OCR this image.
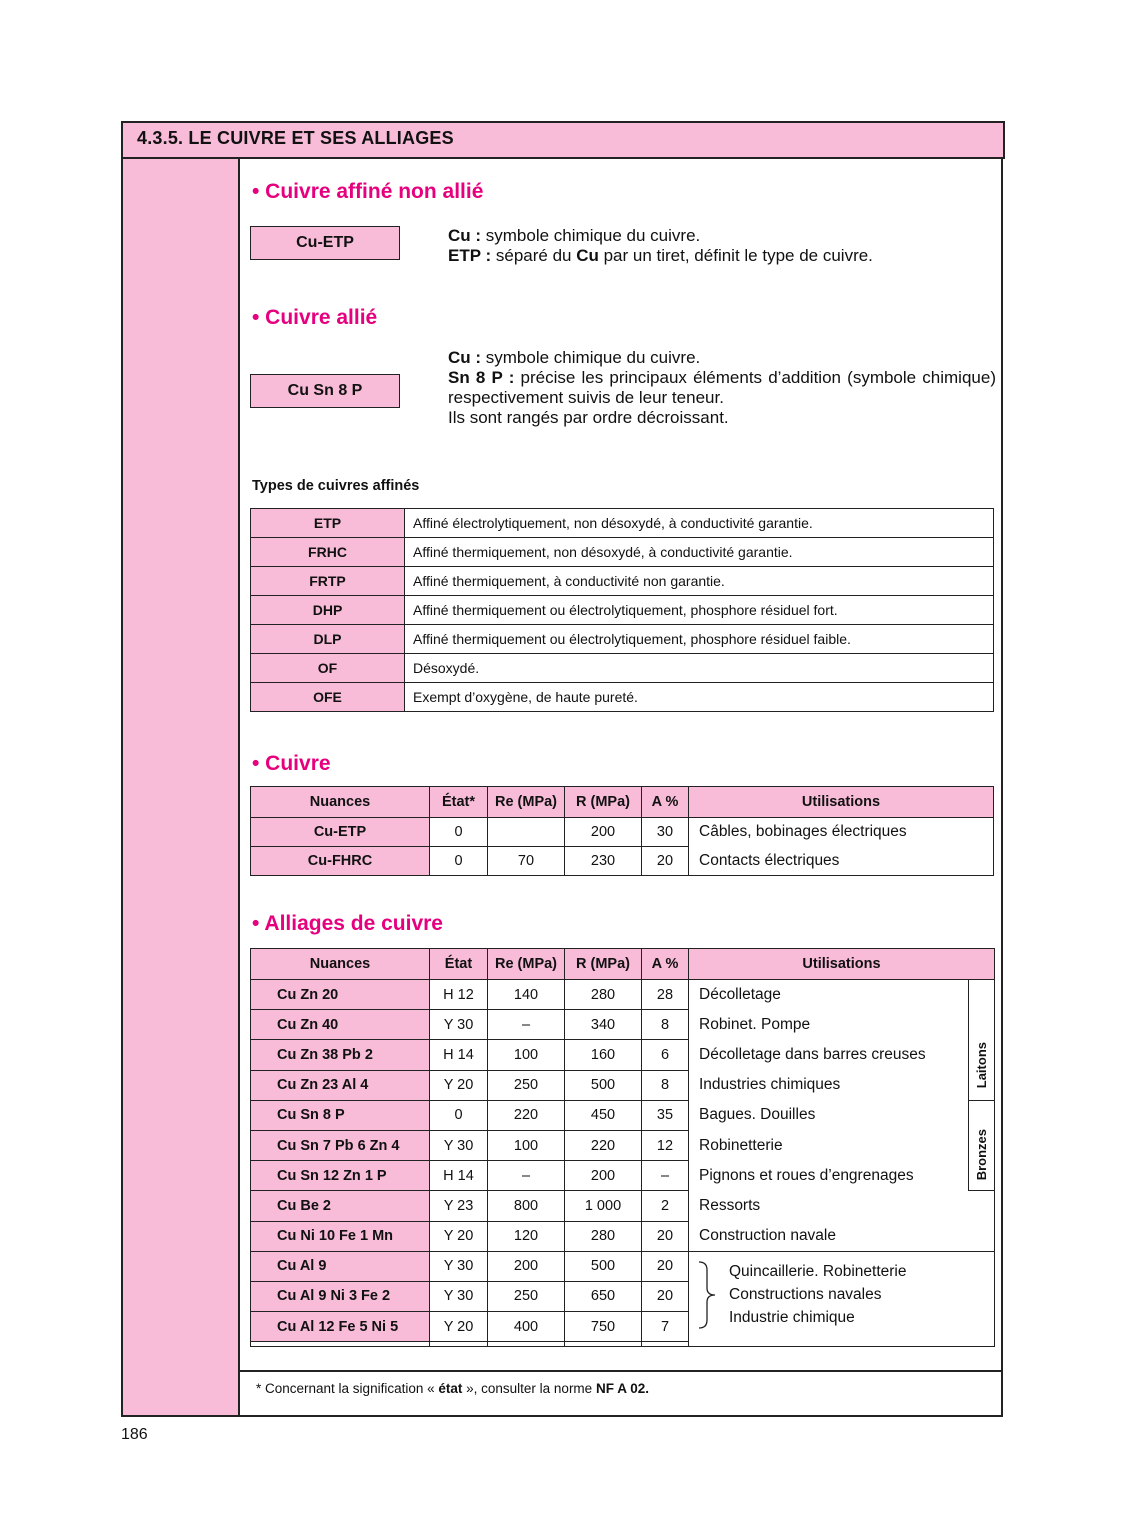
4.3.5. LE CUIVRE ET SES ALLIAGES
• Cuivre affiné non allié
Cu-ETP	Cu : symbole chimique du cuivre.
ETP : séparé du Cu par un tiret, définit le type de cuivre.
• Cuivre allié
Cu Sn 8 P
Cu : symbole chimique du cuivre.
Sn 8 P : précise les principaux éléments d’addition (symbole chimique) respectivement suivis de leur teneur.
Ils sont rangés par ordre décroissant.
Types de cuivres affinés
ETP	Affiné électrolytiquement, non désoxydé, à conductivité garantie.
FRHC	Affiné thermiquement, non désoxydé, à conductivité garantie.
FRTP	Affiné thermiquement, à conductivité non garantie.
DHP	Affiné thermiquement ou électrolytiquement, phosphore résiduel fort.
DLP	Affiné thermiquement ou électrolytiquement, phosphore résiduel faible.
OF	Désoxydé.
OFE	Exempt d’oxygène, de haute pureté.
• Cuivre
Nuances	État*	Re (MPa)	R (MPa)	A %	Utilisations
Cu-ETP	0		200	30	Câbles, bobinages électriques
Cu-FHRC	0	70	230	20	Contacts électriques
• Alliages de cuivre
Nuances	État	Re (MPa)	R (MPa)	A %	Utilisations	
Cu Zn 20	H 12	140	280	28	Décolletage	Laitons
Cu Zn 40	Y 30	–	340	8	Robinet. Pompe	
Cu Zn 38 Pb 2	H 14	100	160	6	Décolletage dans barres creuses	
Cu Zn 23 Al 4	Y 20	250	500	8	Industries chimiques	
Cu Sn 8 P	0	220	450	35	Bagues. Douilles	Bronzes
Cu Sn 7 Pb 6 Zn 4	Y 30	100	220	12	Robinetterie	
Cu Sn 12 Zn 1 P	H 14	–	200	–	Pignons et roues d’engrenages	
Cu Be 2	Y 23	800	1 000	2	Ressorts	
Cu Ni 10 Fe 1 Mn	Y 20	120	280	20	Construction navale	
Cu Al 9	Y 30	200	500	20	Quincaillerie. Robinetterie
Constructions navales
Industrie chimique	

Cu Al 9 Ni 3 Fe 2	Y 30	250	650	20		
Cu Al 12 Fe 5 Ni 5	Y 20	400	750	7		

* Concernant la signification « état », consulter la norme NF A 02.
186
